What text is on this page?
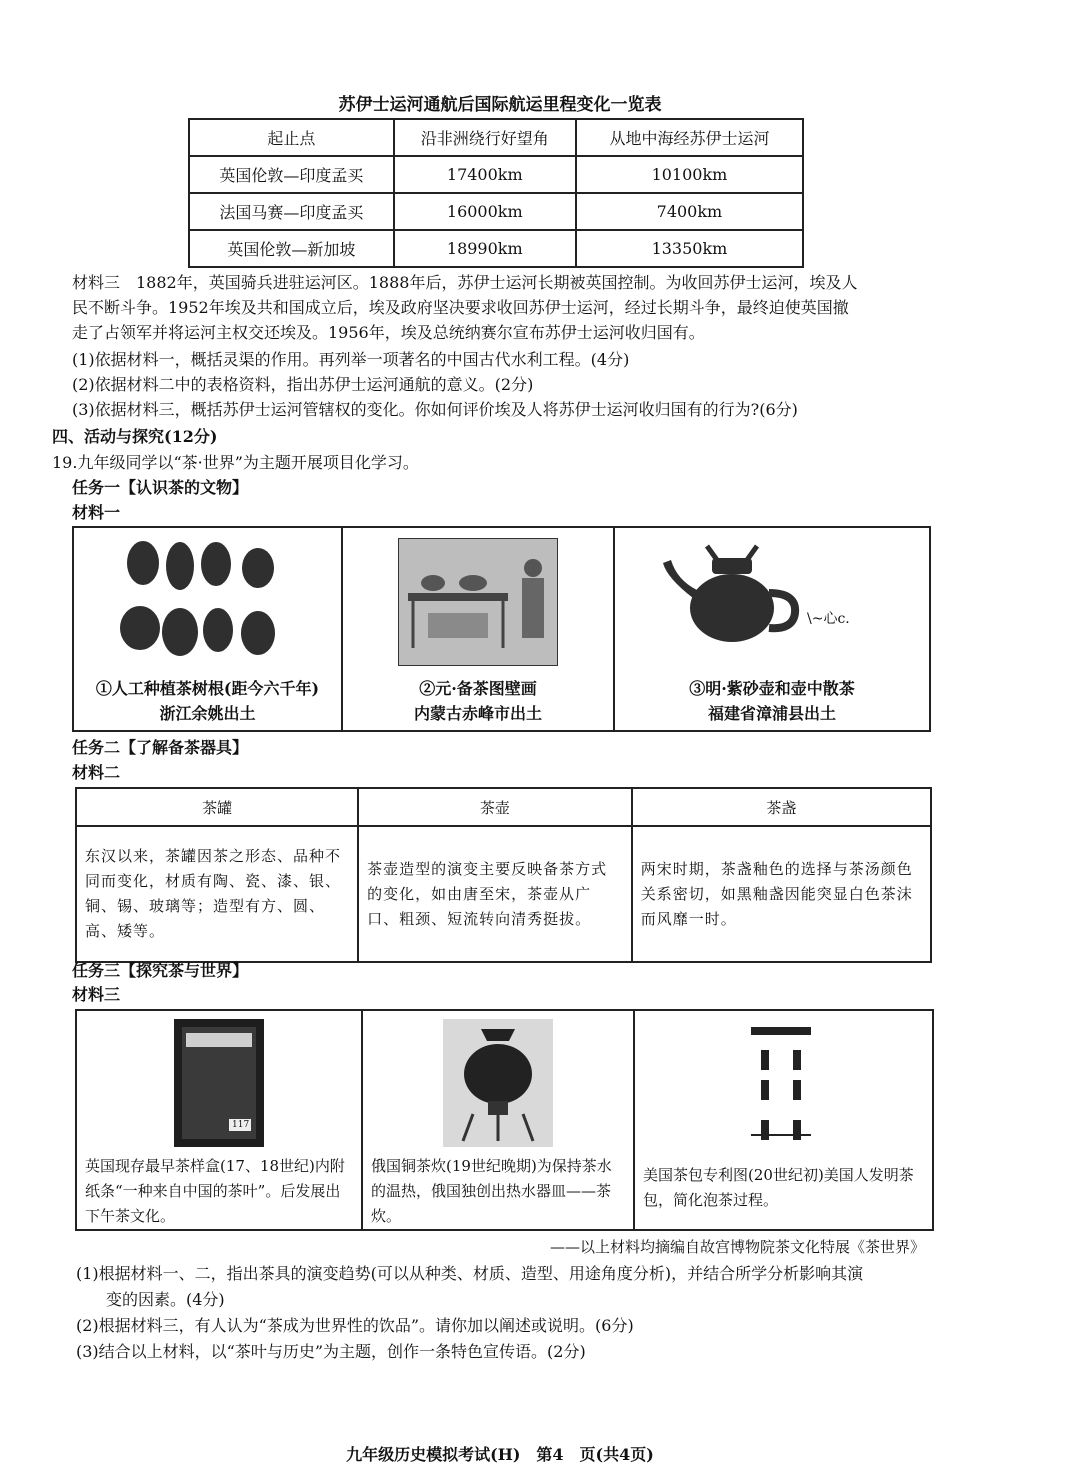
苏伊士运河通航后国际航运里程变化一览表
起止点	沿非洲绕行好望角	从地中海经苏伊士运河
英国伦敦—印度孟买	17400km	10100km
法国马赛—印度孟买	16000km	7400km
英国伦敦—新加坡	18990km	13350km
材料三　1882年，英国骑兵进驻运河区。1888年后，苏伊士运河长期被英国控制。为收回苏伊士运河，埃及人
民不断斗争。1952年埃及共和国成立后，埃及政府坚决要求收回苏伊士运河，经过长期斗争，最终迫使英国撤
走了占领军并将运河主权交还埃及。1956年，埃及总统纳赛尔宣布苏伊士运河收归国有。
(1)依据材料一，概括灵渠的作用。再列举一项著名的中国古代水利工程。(4分)
(2)依据材料二中的表格资料，指出苏伊士运河通航的意义。(2分)
(3)依据材料三，概括苏伊士运河管辖权的变化。你如何评价埃及人将苏伊士运河收归国有的行为?(6分)
四、活动与探究(12分)
19.九年级同学以“茶·世界”为主题开展项目化学习。
任务一【认识茶的文物】
材料一
①人工种植茶树根(距今六千年)
浙江余姚出土
②元·备茶图壁画
内蒙古赤峰市出土
\~心c.
③明·紫砂壶和壶中散茶
福建省漳浦县出土
任务二【了解备茶器具】
材料二
茶罐	茶壶	茶盏
东汉以来，茶罐因茶之形态、品种不同而变化，材质有陶、瓷、漆、银、铜、锡、玻璃等；造型有方、圆、高、矮等。	茶壶造型的演变主要反映备茶方式的变化，如由唐至宋，茶壶从广口、粗颈、短流转向清秀挺拔。	两宋时期，茶盏釉色的选择与茶汤颜色关系密切，如黑釉盏因能突显白色茶沫而风靡一时。
任务三【探究茶与世界】
材料三
117
英国现存最早茶样盒(17、18世纪)内附纸条“一种来自中国的茶叶”。后发展出下午茶文化。
俄国铜茶炊(19世纪晚期)为保持茶水的温热，俄国独创出热水器皿——茶炊。
美国茶包专利图(20世纪初)美国人发明茶包，简化泡茶过程。
——以上材料均摘编自故宫博物院茶文化特展《茶世界》
(1)根据材料一、二，指出茶具的演变趋势(可以从种类、材质、造型、用途角度分析)，并结合所学分析影响其演
变的因素。(4分)
(2)根据材料三，有人认为“茶成为世界性的饮品”。请你加以阐述或说明。(6分)
(3)结合以上材料，以“茶叶与历史”为主题，创作一条特色宣传语。(2分)
九年级历史模拟考试(H)　第4　页(共4页)
